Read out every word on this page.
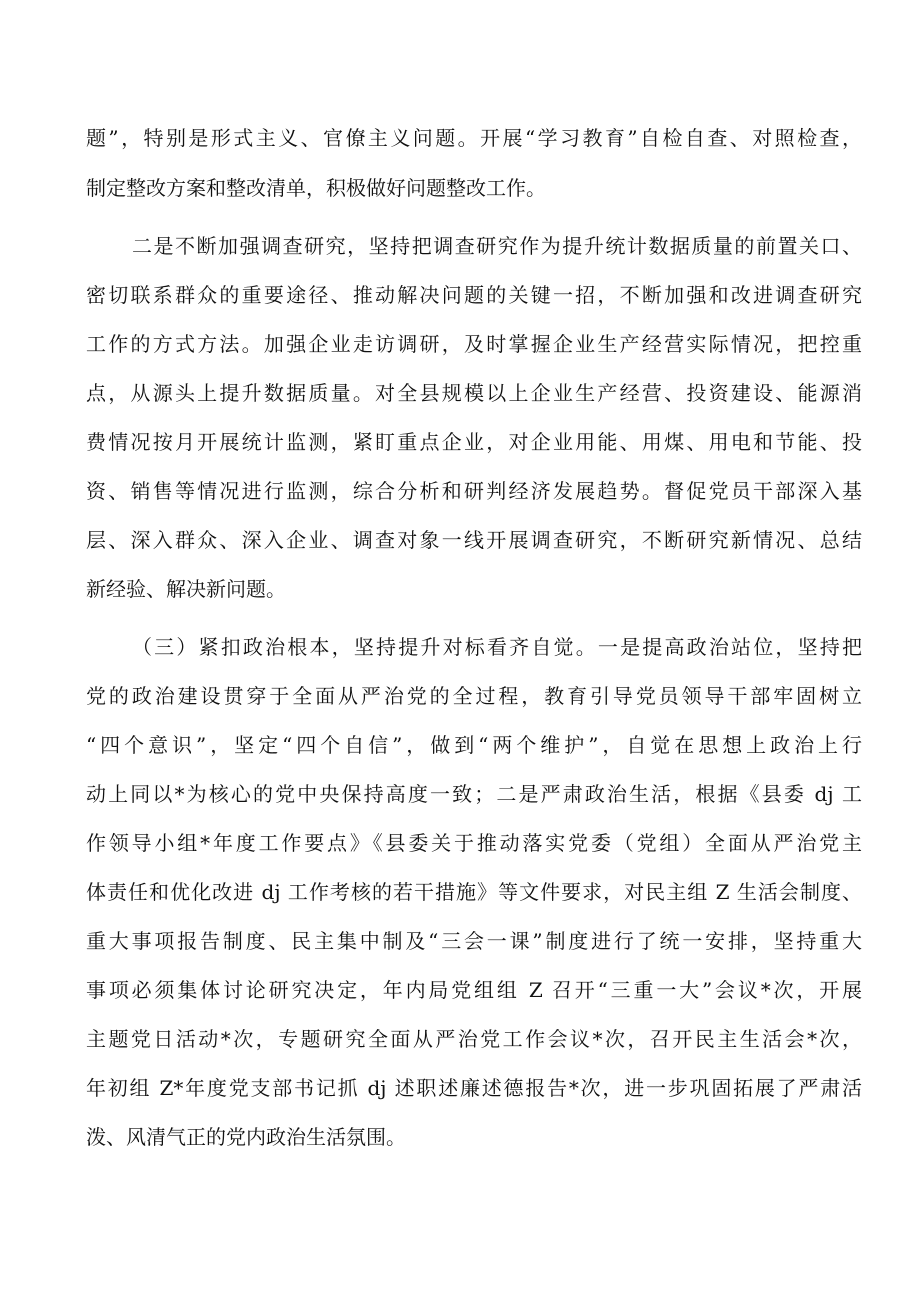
题”，特别是形式主义、官僚主义问题。开展“学习教育”自检自查、对照检查，
制定整改方案和整改清单，积极做好问题整改工作。
二是不断加强调查研究，坚持把调查研究作为提升统计数据质量的前置关口、
密切联系群众的重要途径、推动解决问题的关键一招，不断加强和改进调查研究
工作的方式方法。加强企业走访调研，及时掌握企业生产经营实际情况，把控重
点，从源头上提升数据质量。对全县规模以上企业生产经营、投资建设、能源消
费情况按月开展统计监测，紧盯重点企业，对企业用能、用煤、用电和节能、投
资、销售等情况进行监测，综合分析和研判经济发展趋势。督促党员干部深入基
层、深入群众、深入企业、调查对象一线开展调查研究，不断研究新情况、总结
新经验、解决新问题。
（三）紧扣政治根本，坚持提升对标看齐自觉。一是提高政治站位，坚持把
党的政治建设贯穿于全面从严治党的全过程，教育引导党员领导干部牢固树立
“四个意识”，坚定“四个自信”，做到“两个维护”，自觉在思想上政治上行
动上同以*为核心的党中央保持高度一致；二是严肃政治生活，根据《县委 dj 工
作领导小组*年度工作要点》《县委关于推动落实党委（党组）全面从严治党主
体责任和优化改进 dj 工作考核的若干措施》等文件要求，对民主组 Z 生活会制度、
重大事项报告制度、民主集中制及“三会一课”制度进行了统一安排，坚持重大
事项必须集体讨论研究决定，年内局党组组 Z 召开“三重一大”会议*次，开展
主题党日活动*次，专题研究全面从严治党工作会议*次，召开民主生活会*次，
年初组 Z*年度党支部书记抓 dj 述职述廉述德报告*次，进一步巩固拓展了严肃活
泼、风清气正的党内政治生活氛围。
